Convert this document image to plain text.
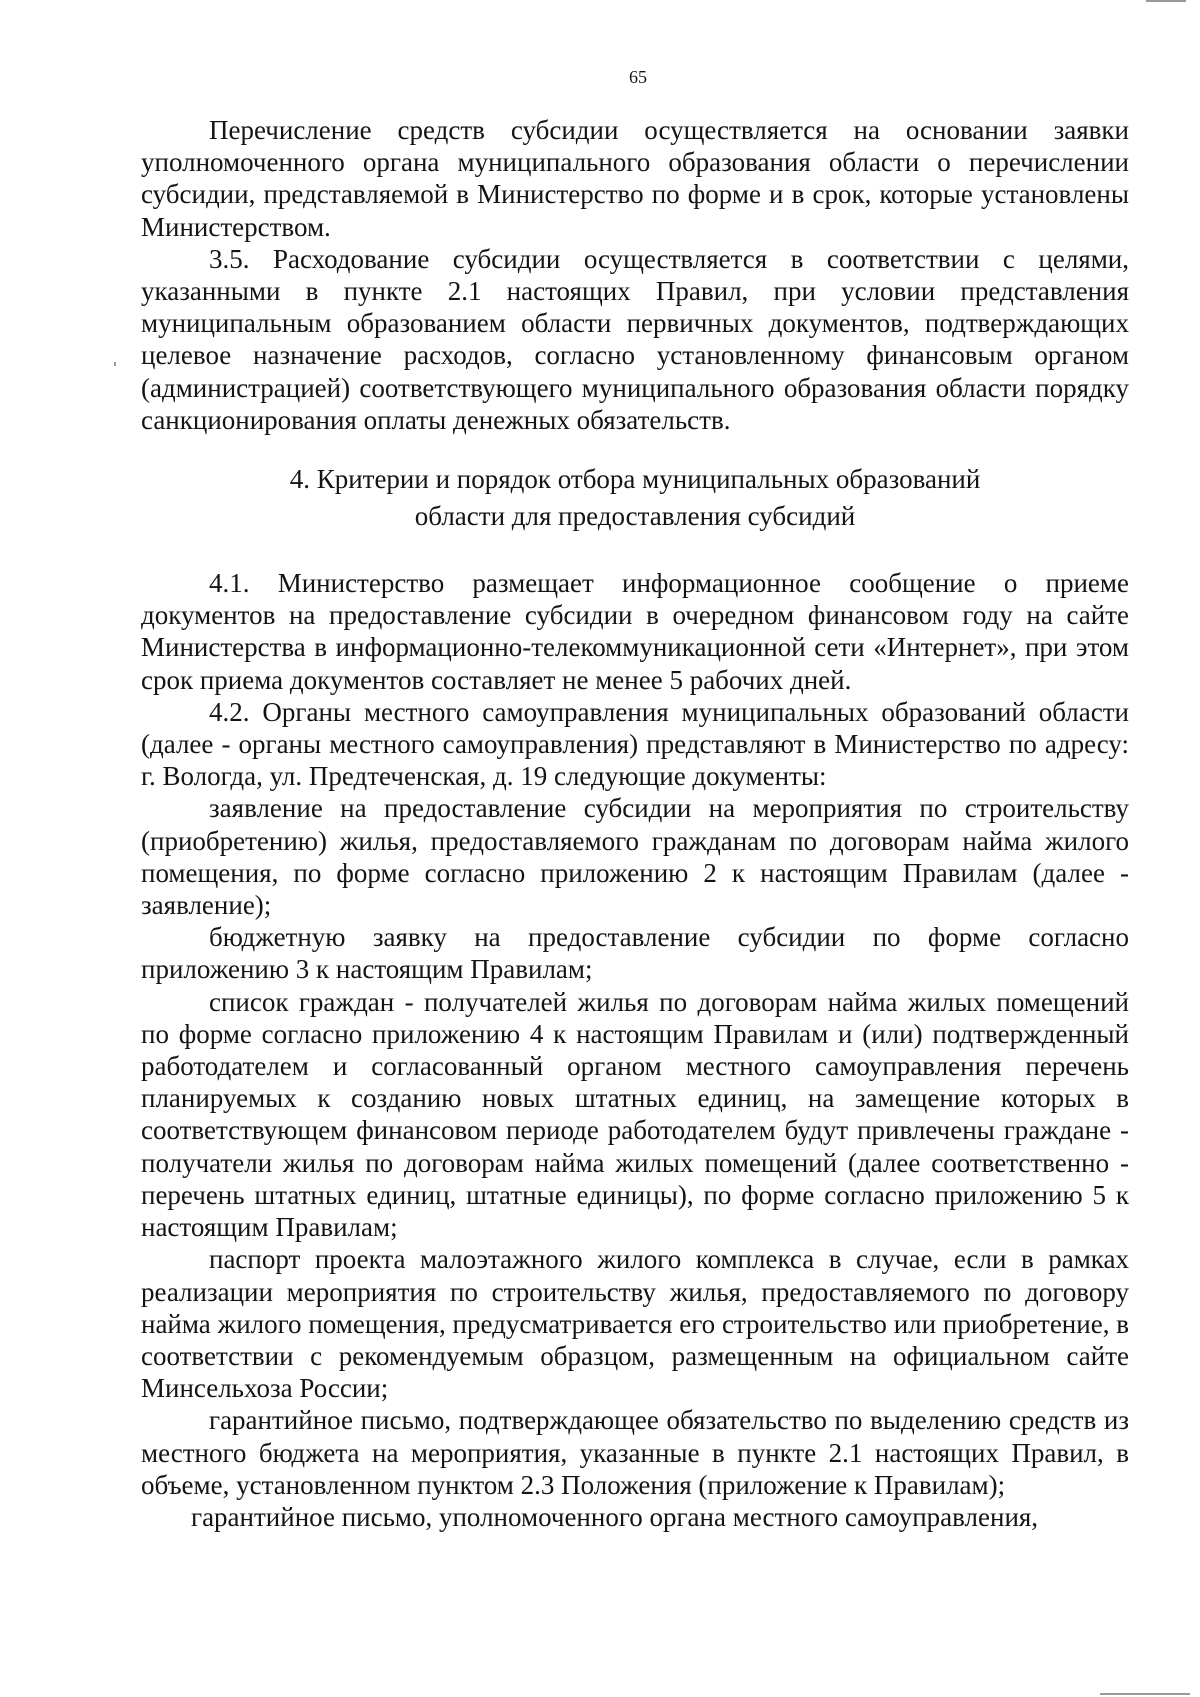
65

Перечисление средств субсидии осуществляется на основании заявки уполномоченного органа муниципального образования области о перечислении субсидии, представляемой в Министерство по форме и в срок, которые установлены Министерством.

3.5. Расходование субсидии осуществляется в соответствии с целями, указанными в пункте 2.1 настоящих Правил, при условии представления муниципальным образованием области первичных документов, подтверждающих целевое назначение расходов, согласно установленному финансовым органом (администрацией) соответствующего муниципального образования области порядку санкционирования оплаты денежных обязательств.

4. Критерии и порядок отбора муниципальных образований
области для предоставления субсидий

4.1. Министерство размещает информационное сообщение о приеме документов на предоставление субсидии в очередном финансовом году на сайте Министерства в информационно-телекоммуникационной сети «Интернет», при этом срок приема документов составляет не менее 5 рабочих дней.

4.2. Органы местного самоуправления муниципальных образований области (далее - органы местного самоуправления) представляют в Министерство по адресу: г. Вологда, ул. Предтеченская, д. 19 следующие документы:

заявление на предоставление субсидии на мероприятия по строительству (приобретению) жилья, предоставляемого гражданам по договорам найма жилого помещения, по форме согласно приложению 2 к настоящим Правилам (далее - заявление);

бюджетную заявку на предоставление субсидии по форме согласно приложению 3 к настоящим Правилам;

список граждан - получателей жилья по договорам найма жилых помещений по форме согласно приложению 4 к настоящим Правилам и (или) подтвержденный работодателем и согласованный органом местного самоуправления перечень планируемых к созданию новых штатных единиц, на замещение которых в соответствующем финансовом периоде работодателем будут привлечены граждане - получатели жилья по договорам найма жилых помещений (далее соответственно - перечень штатных единиц, штатные единицы), по форме согласно приложению 5 к настоящим Правилам;

паспорт проекта малоэтажного жилого комплекса в случае, если в рамках реализации мероприятия по строительству жилья, предоставляемого по договору найма жилого помещения, предусматривается его строительство или приобретение, в соответствии с рекомендуемым образцом, размещенным на официальном сайте Минсельхоза России;

гарантийное письмо, подтверждающее обязательство по выделению средств из местного бюджета на мероприятия, указанные в пункте 2.1 настоящих Правил, в объеме, установленном пунктом 2.3 Положения (приложение к Правилам);

гарантийное письмо, уполномоченного органа местного самоуправления,
